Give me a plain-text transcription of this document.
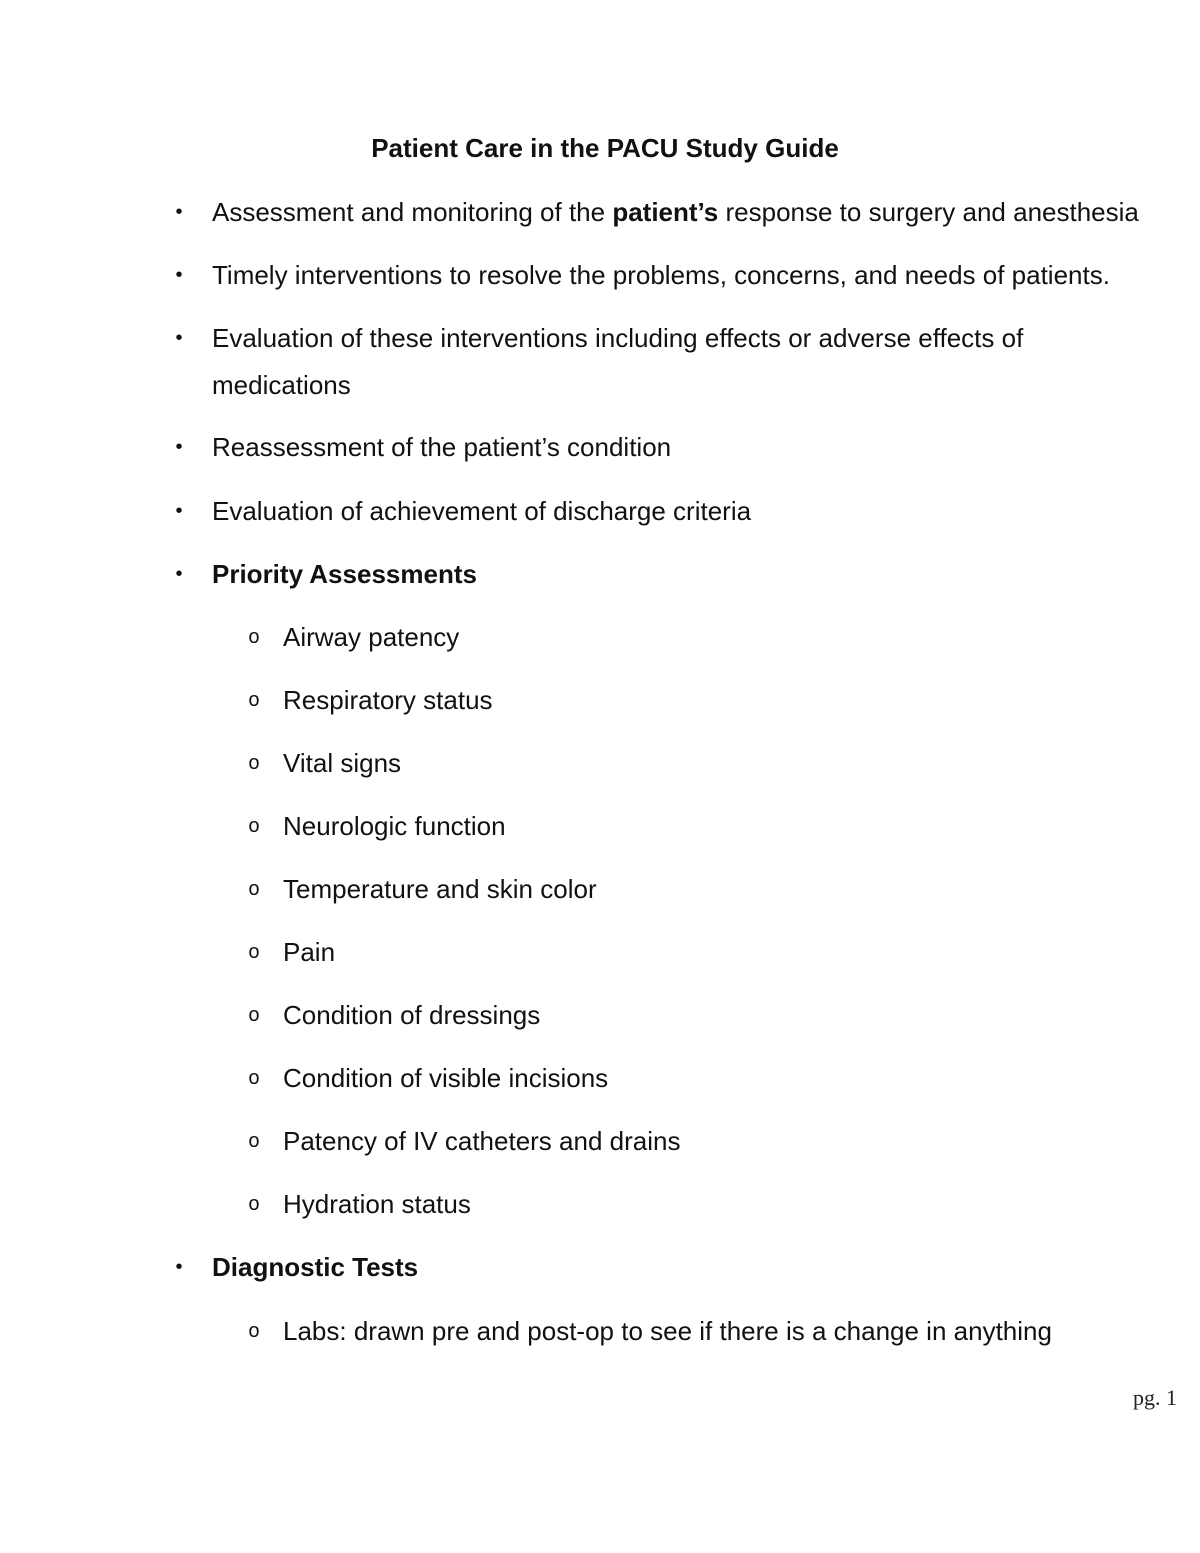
Patient Care in the PACU Study Guide
• Assessment and monitoring of the patient’s response to surgery and anesthesia
• Timely interventions to resolve the problems, concerns, and needs of patients.
• Evaluation of these interventions including effects or adverse effects of
medications
• Reassessment of the patient’s condition
• Evaluation of achievement of discharge criteria
• Priority Assessments
o Airway patency
o Respiratory status
o Vital signs
o Neurologic function
o Temperature and skin color
o Pain
o Condition of dressings
o Condition of visible incisions
o Patency of IV catheters and drains
o Hydration status
• Diagnostic Tests
o Labs: drawn pre and post-op to see if there is a change in anything
pg. 1
